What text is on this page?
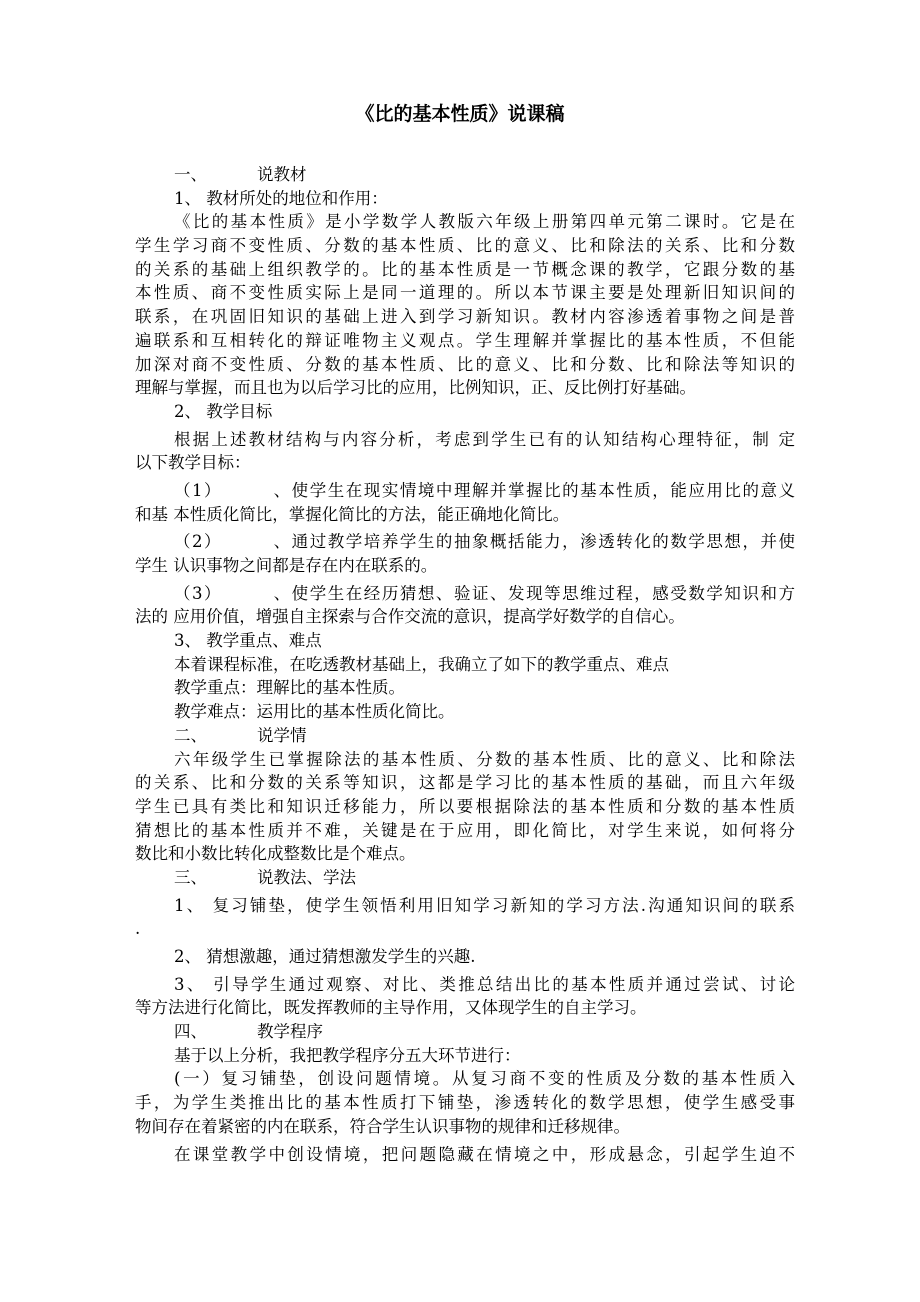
《比的基本性质》说课稿
一、	说教材
1、 教材所处的地位和作用：
《比的基本性质》是小学数学人教版六年级上册第四单元第二课时。它是在
学生学习商不变性质、分数的基本性质、比的意义、比和除法的关系、比和分数
的关系的基础上组织教学的。比的基本性质是一节概念课的教学，它跟分数的基
本性质、商不变性质实际上是同一道理的。所以本节课主要是处理新旧知识间的
联系，在巩固旧知识的基础上进入到学习新知识。教材内容渗透着事物之间是普
遍联系和互相转化的辩证唯物主义观点。学生理解并掌握比的基本性质，不但能
加深对商不变性质、分数的基本性质、比的意义、比和分数、比和除法等知识的
理解与掌握，而且也为以后学习比的应用，比例知识，正、反比例打好基础。
2、 教学目标
根据上述教材结构与内容分析，考虑到学生已有的认知结构心理特征，制 定
以下教学目标：
（1）	、使学生在现实情境中理解并掌握比的基本性质，能应用比的意义
和基 本性质化简比，掌握化简比的方法，能正确地化简比。
（2）	、通过教学培养学生的抽象概括能力，渗透转化的数学思想，并使
学生 认识事物之间都是存在内在联系的。
（3）	、使学生在经历猜想、验证、发现等思维过程，感受数学知识和方
法的 应用价值，增强自主探索与合作交流的意识，提高学好数学的自信心。
3、 教学重点、难点
本着课程标准，在吃透教材基础上，我确立了如下的教学重点、难点
教学重点：理解比的基本性质。
教学难点：运用比的基本性质化简比。
二、	说学情
六年级学生已掌握除法的基本性质、分数的基本性质、比的意义、比和除法
的关系、比和分数的关系等知识，这都是学习比的基本性质的基础，而且六年级
学生已具有类比和知识迁移能力，所以要根据除法的基本性质和分数的基本性质
猜想比的基本性质并不难，关键是在于应用，即化简比，对学生来说，如何将分
数比和小数比转化成整数比是个难点。
三、	说教法、学法
1、 复习铺垫，使学生领悟利用旧知学习新知的学习方法.沟通知识间的联系
.
2、 猜想激趣，通过猜想激发学生的兴趣.
3、 引导学生通过观察、对比、类推总结出比的基本性质并通过尝试、讨论
等方法进行化简比，既发挥教师的主导作用，又体现学生的自主学习。
四、	教学程序
基于以上分析，我把教学程序分五大环节进行：
(一）复习铺垫，创设问题情境。从复习商不变的性质及分数的基本性质入
手，为学生类推出比的基本性质打下铺垫，渗透转化的数学思想，使学生感受事
物间存在着紧密的内在联系，符合学生认识事物的规律和迁移规律。
在课堂教学中创设情境，把问题隐藏在情境之中，形成悬念，引起学生迫不
